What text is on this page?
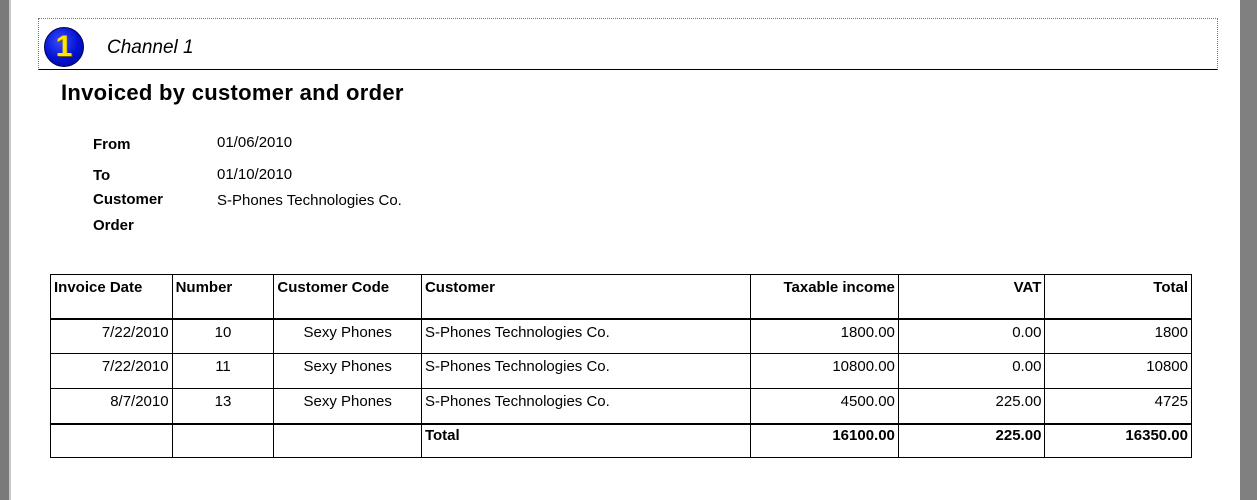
1 Channel 1
Invoiced by customer and order
From	01/06/2010
To	01/10/2010
Customer	S-Phones Technologies Co.
Order
Invoice Date	Number	Customer Code	Customer	Taxable income	VAT	Total
7/22/2010	10	Sexy Phones	S-Phones Technologies Co.	1800.00	0.00	1800
7/22/2010	11	Sexy Phones	S-Phones Technologies Co.	10800.00	0.00	10800
8/7/2010	13	Sexy Phones	S-Phones Technologies Co.	4500.00	225.00	4725
			Total	16100.00	225.00	16350.00
